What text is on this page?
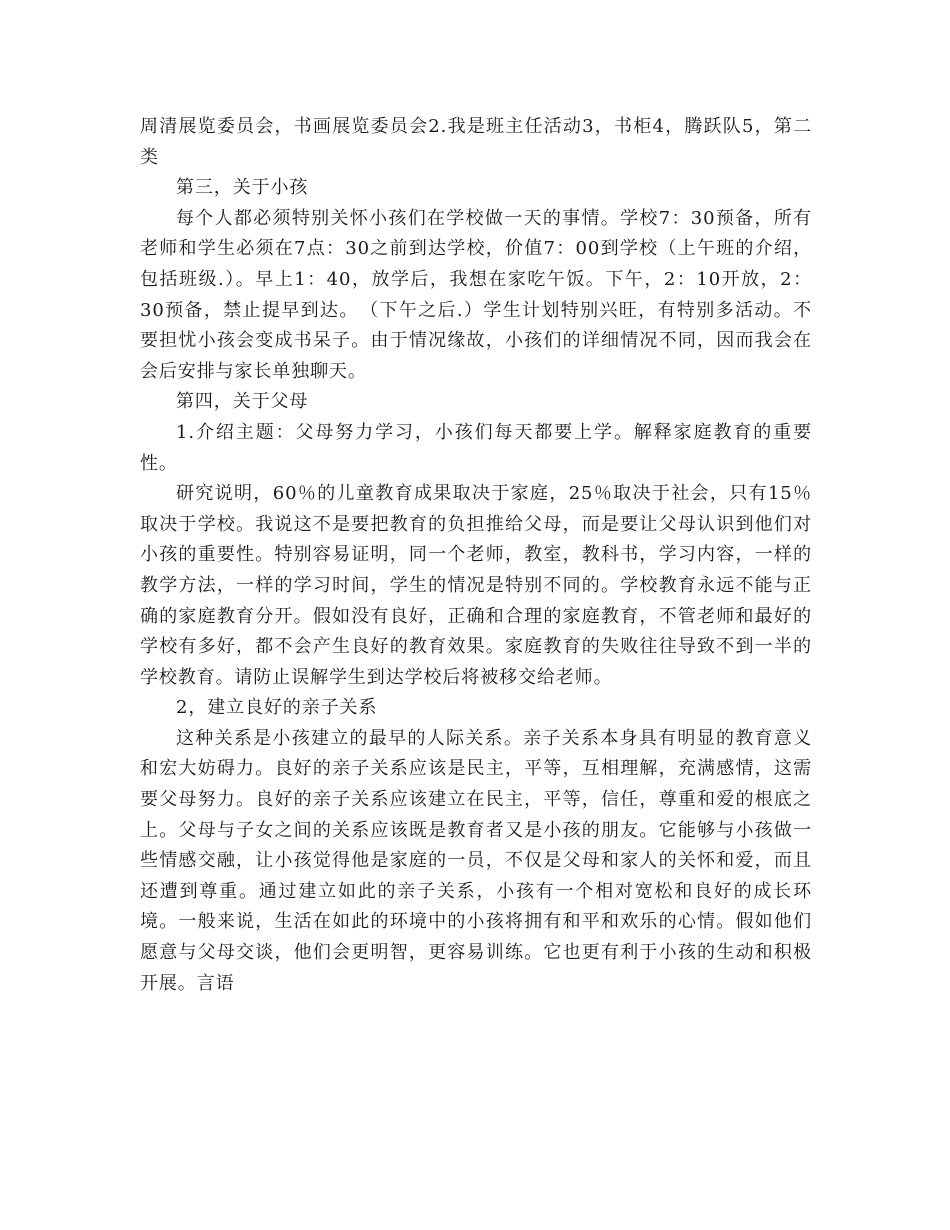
周清展览委员会，书画展览委员会2.我是班主任活动3，书柜4，腾跃队5，第二类

第三，关于小孩

每个人都必须特别关怀小孩们在学校做一天的事情。学校7：30预备，所有老师和学生必须在7点：30之前到达学校，价值7：00到学校（上午班的介绍，包括班级.）。早上1：40，放学后，我想在家吃午饭。下午，2：10开放，2：30预备，禁止提早到达。　（下午之后.）学生计划特别兴旺，有特别多活动。不要担忧小孩会变成书呆子。由于情况缘故，小孩们的详细情况不同，因而我会在会后安排与家长单独聊天。

第四，关于父母

1.介绍主题：父母努力学习，小孩们每天都要上学。解释家庭教育的重要性。

研究说明，60％的儿童教育成果取决于家庭，25％取决于社会，只有15％取决于学校。我说这不是要把教育的负担推给父母，而是要让父母认识到他们对小孩的重要性。特别容易证明，同一个老师，教室，教科书，学习内容，一样的教学方法，一样的学习时间，学生的情况是特别不同的。学校教育永远不能与正确的家庭教育分开。假如没有良好，正确和合理的家庭教育，不管老师和最好的学校有多好，都不会产生良好的教育效果。家庭教育的失败往往导致不到一半的学校教育。请防止误解学生到达学校后将被移交给老师。

2，建立良好的亲子关系

这种关系是小孩建立的最早的人际关系。亲子关系本身具有明显的教育意义和宏大妨碍力。良好的亲子关系应该是民主，平等，互相理解，充满感情，这需要父母努力。良好的亲子关系应该建立在民主，平等，信任，尊重和爱的根底之上。父母与子女之间的关系应该既是教育者又是小孩的朋友。它能够与小孩做一些情感交融，让小孩觉得他是家庭的一员，不仅是父母和家人的关怀和爱，而且还遭到尊重。通过建立如此的亲子关系，小孩有一个相对宽松和良好的成长环境。一般来说，生活在如此的环境中的小孩将拥有和平和欢乐的心情。假如他们愿意与父母交谈，他们会更明智，更容易训练。它也更有利于小孩的生动和积极开展。言语
